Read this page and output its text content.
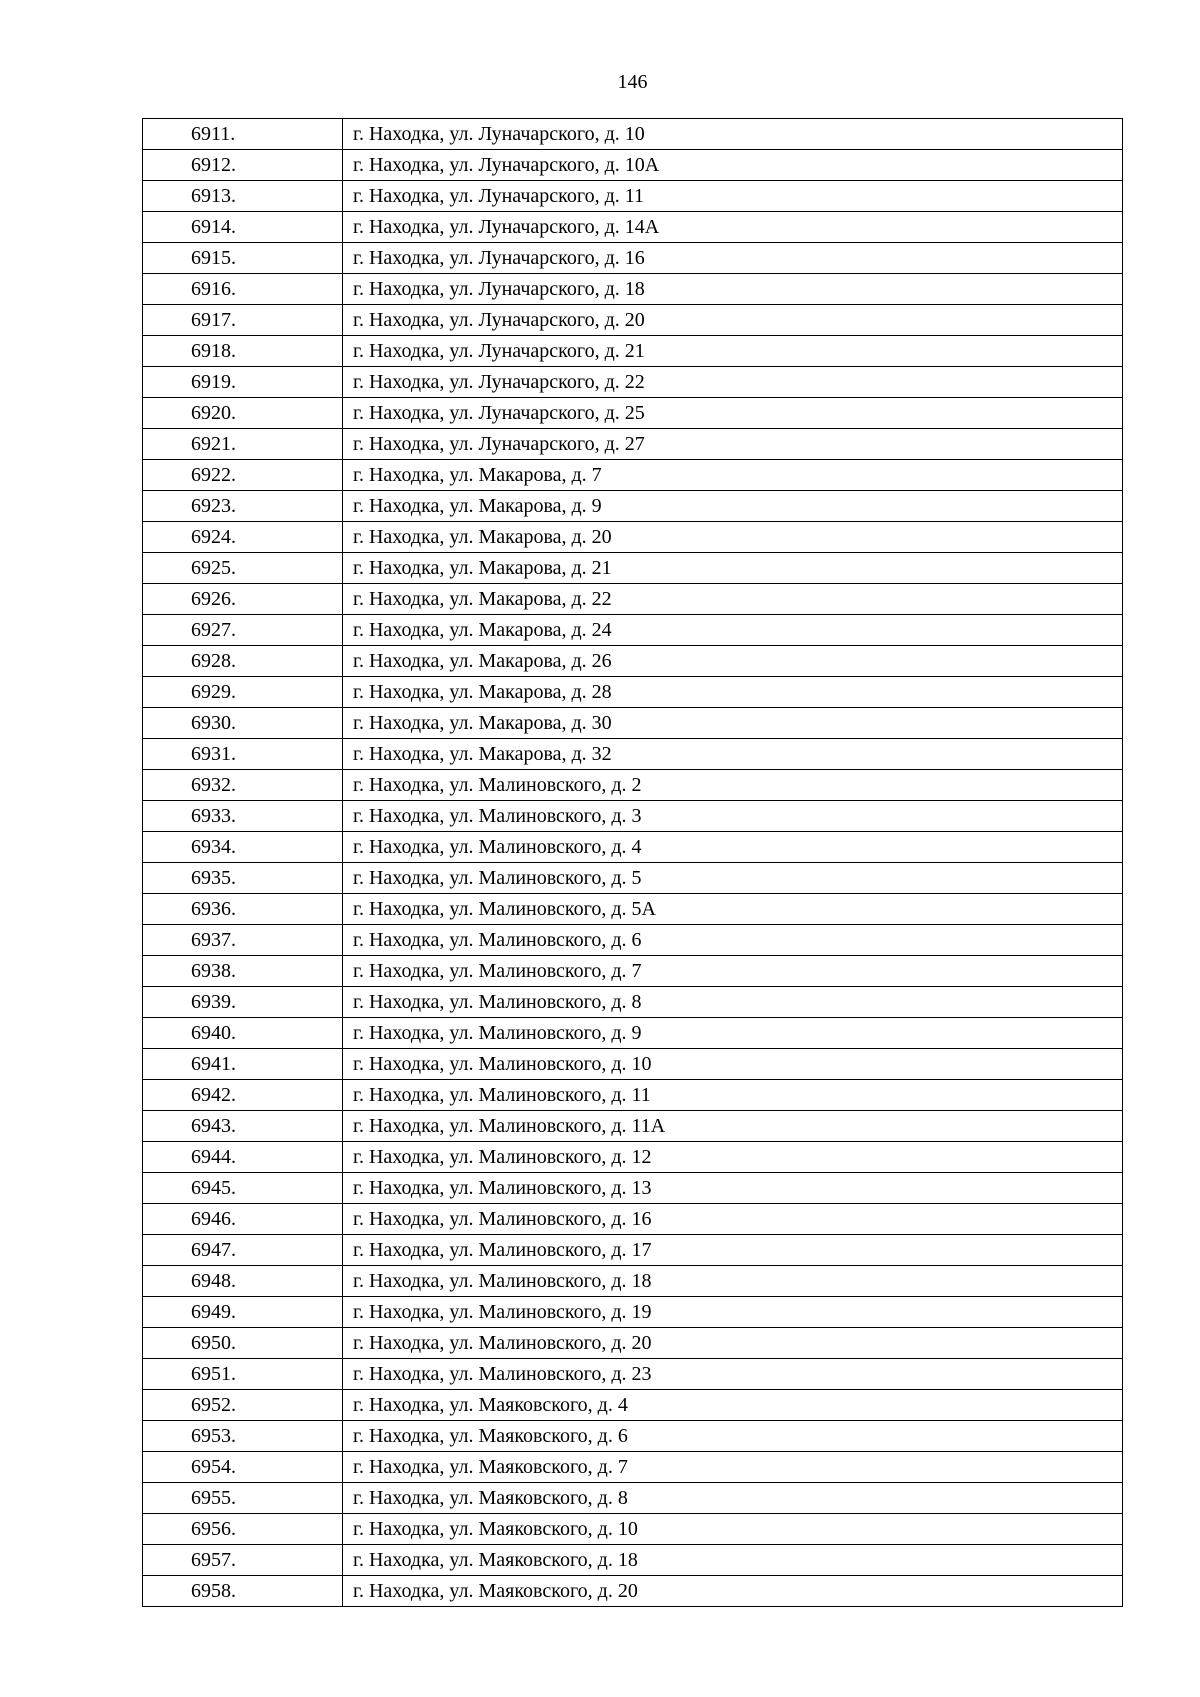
146
6911.	г. Находка, ул. Луначарского, д. 10
6912.	г. Находка, ул. Луначарского, д. 10А
6913.	г. Находка, ул. Луначарского, д. 11
6914.	г. Находка, ул. Луначарского, д. 14А
6915.	г. Находка, ул. Луначарского, д. 16
6916.	г. Находка, ул. Луначарского, д. 18
6917.	г. Находка, ул. Луначарского, д. 20
6918.	г. Находка, ул. Луначарского, д. 21
6919.	г. Находка, ул. Луначарского, д. 22
6920.	г. Находка, ул. Луначарского, д. 25
6921.	г. Находка, ул. Луначарского, д. 27
6922.	г. Находка, ул. Макарова, д. 7
6923.	г. Находка, ул. Макарова, д. 9
6924.	г. Находка, ул. Макарова, д. 20
6925.	г. Находка, ул. Макарова, д. 21
6926.	г. Находка, ул. Макарова, д. 22
6927.	г. Находка, ул. Макарова, д. 24
6928.	г. Находка, ул. Макарова, д. 26
6929.	г. Находка, ул. Макарова, д. 28
6930.	г. Находка, ул. Макарова, д. 30
6931.	г. Находка, ул. Макарова, д. 32
6932.	г. Находка, ул. Малиновского, д. 2
6933.	г. Находка, ул. Малиновского, д. 3
6934.	г. Находка, ул. Малиновского, д. 4
6935.	г. Находка, ул. Малиновского, д. 5
6936.	г. Находка, ул. Малиновского, д. 5А
6937.	г. Находка, ул. Малиновского, д. 6
6938.	г. Находка, ул. Малиновского, д. 7
6939.	г. Находка, ул. Малиновского, д. 8
6940.	г. Находка, ул. Малиновского, д. 9
6941.	г. Находка, ул. Малиновского, д. 10
6942.	г. Находка, ул. Малиновского, д. 11
6943.	г. Находка, ул. Малиновского, д. 11А
6944.	г. Находка, ул. Малиновского, д. 12
6945.	г. Находка, ул. Малиновского, д. 13
6946.	г. Находка, ул. Малиновского, д. 16
6947.	г. Находка, ул. Малиновского, д. 17
6948.	г. Находка, ул. Малиновского, д. 18
6949.	г. Находка, ул. Малиновского, д. 19
6950.	г. Находка, ул. Малиновского, д. 20
6951.	г. Находка, ул. Малиновского, д. 23
6952.	г. Находка, ул. Маяковского, д. 4
6953.	г. Находка, ул. Маяковского, д. 6
6954.	г. Находка, ул. Маяковского, д. 7
6955.	г. Находка, ул. Маяковского, д. 8
6956.	г. Находка, ул. Маяковского, д. 10
6957.	г. Находка, ул. Маяковского, д. 18
6958.	г. Находка, ул. Маяковского, д. 20
